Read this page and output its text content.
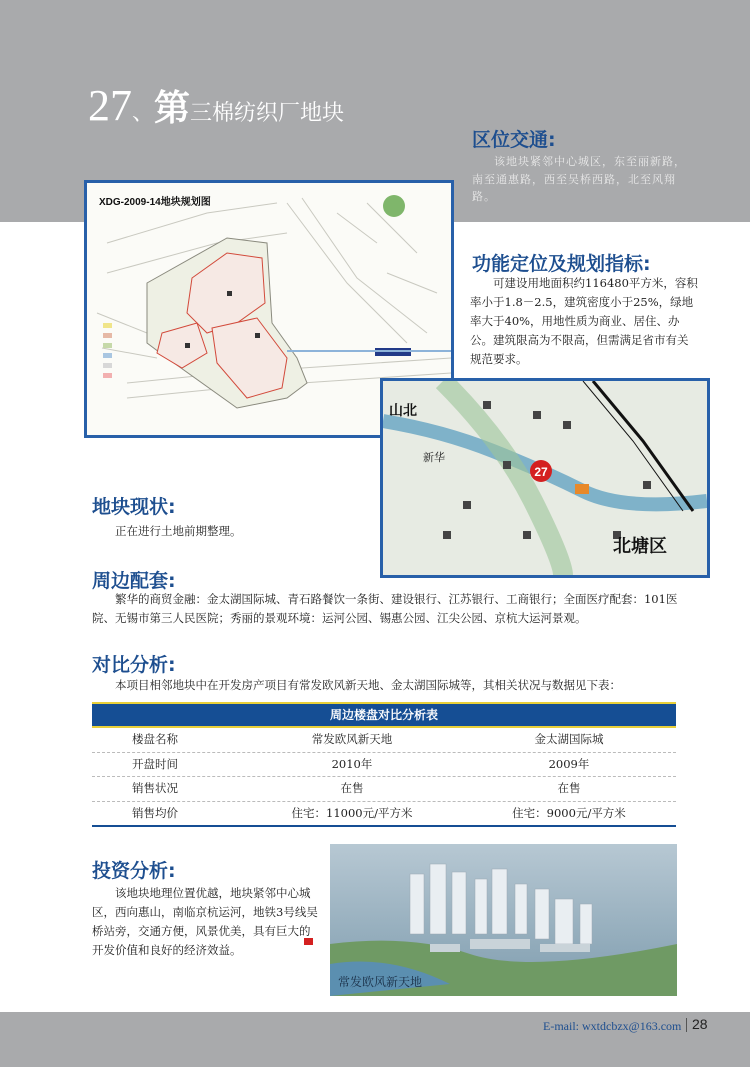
27、第三棉纺织厂地块
区位交通:
该地块紧邻中心城区，东至丽新路，南至通惠路，西至吴桥西路，北至风翔路。
XDG-2009-14地块规划图
功能定位及规划指标:
可建设用地面积约116480平方米，容积率小于1.8－2.5，建筑密度小于25%，绿地率大于40%，用地性质为商业、居住、办公。建筑限高为不限高，但需满足省市有关规范要求。
27
山北
新华
北塘区
地块现状:
正在进行土地前期整理。
周边配套:
繁华的商贸金融：金太湖国际城、青石路餐饮一条街、建设银行、江苏银行、工商银行；全面医疗配套：101医院、无锡市第三人民医院；秀丽的景观环境：运河公园、锡惠公园、江尖公园、京杭大运河景观。
对比分析:
本项目相邻地块中在开发房产项目有常发欧风新天地、金太湖国际城等，其相关状况与数据见下表：
周边楼盘对比分析表
楼盘名称	常发欧风新天地	金太湖国际城
开盘时间	2010年	2009年
销售状况	在售	在售
销售均价	住宅：11000元/平方米	住宅：9000元/平方米
投资分析:
该地块地理位置优越，地块紧邻中心城区，西向惠山，南临京杭运河，地铁3号线吴桥站旁，交通方便，风景优美，具有巨大的开发价值和良好的经济效益。
常发欧风新天地
E-mail: wxtdcbzx@163.com 28
